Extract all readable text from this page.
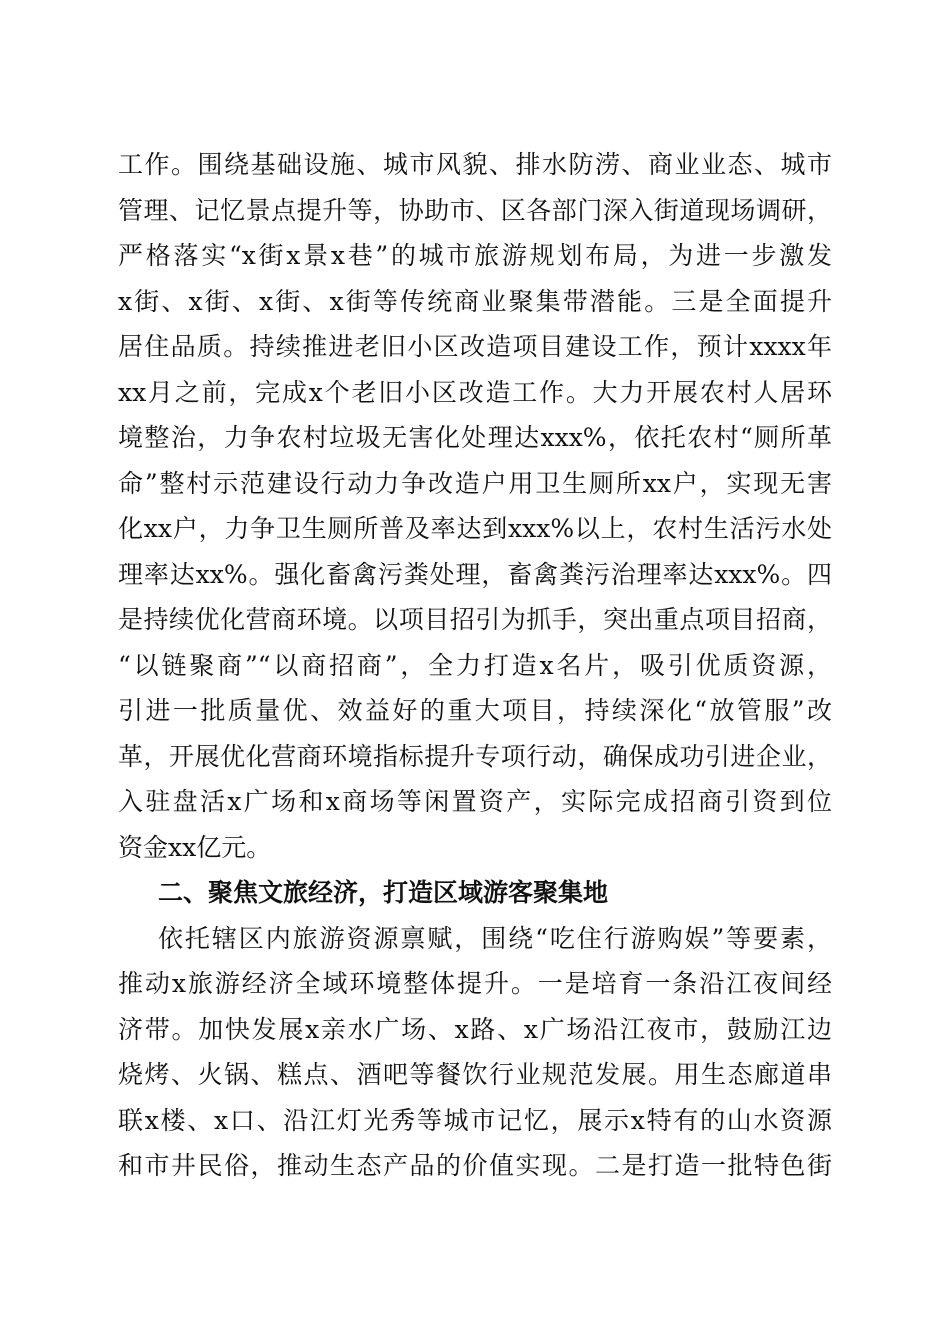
工作。围绕基础设施、城市风貌、排水防涝、商业业态、城市
管理、记忆景点提升等，协助市、区各部门深入街道现场调研，
严格落实“x街x景x巷”的城市旅游规划布局，为进一步激发
x街、x街、x街、x街等传统商业聚集带潜能。三是全面提升
居住品质。持续推进老旧小区改造项目建设工作，预计xxxx年
xx月之前，完成x个老旧小区改造工作。大力开展农村人居环
境整治，力争农村垃圾无害化处理达xxx%，依托农村“厕所革
命”整村示范建设行动力争改造户用卫生厕所xx户，实现无害
化xx户，力争卫生厕所普及率达到xxx%以上，农村生活污水处
理率达xx%。强化畜禽污粪处理，畜禽粪污治理率达xxx%。四
是持续优化营商环境。以项目招引为抓手，突出重点项目招商，
“以链聚商”“以商招商”，全力打造x名片，吸引优质资源，
引进一批质量优、效益好的重大项目，持续深化“放管服”改
革，开展优化营商环境指标提升专项行动，确保成功引进企业，
入驻盘活x广场和x商场等闲置资产，实际完成招商引资到位
资金xx亿元。
二、聚焦文旅经济，打造区域游客聚集地
依托辖区内旅游资源禀赋，围绕“吃住行游购娱”等要素，
推动x旅游经济全域环境整体提升。一是培育一条沿江夜间经
济带。加快发展x亲水广场、x路、x广场沿江夜市，鼓励江边
烧烤、火锅、糕点、酒吧等餐饮行业规范发展。用生态廊道串
联x楼、x口、沿江灯光秀等城市记忆，展示x特有的山水资源
和市井民俗，推动生态产品的价值实现。二是打造一批特色街
